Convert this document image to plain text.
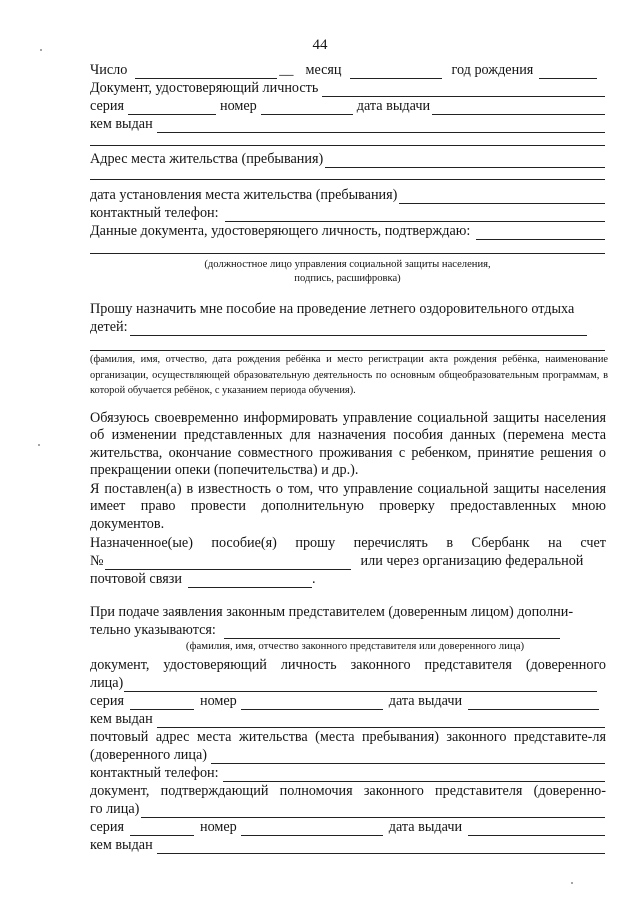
44
Число	__ месяц	год рождения
Документ, удостоверяющий личность
серия	номер	дата выдачи
кем выдан
Адрес места жительства (пребывания)
дата установления места жительства (пребывания)
контактный телефон:
Данные документа, удостоверяющего личность, подтверждаю:
(должностное лицо управления социальной защиты населения,
подпись, расшифровка)
Прошу назначить мне пособие на проведение летнего оздоровительного отдыха
детей:
(фамилия, имя, отчество, дата рождения ребёнка и место регистрации акта рождения ребёнка, наименование организации, осуществляющей образовательную деятельность по основным общеобразовательным программам, в которой обучается ребёнок, с указанием периода обучения).
Обязуюсь своевременно информировать управление социальной защиты населения об изменении представленных для назначения пособия данных (перемена места жительства, окончание совместного проживания с ребенком, принятие решения о прекращении опеки (попечительства) и др.).
Я поставлен(а) в известность о том, что управление социальной защиты населения имеет право провести дополнительную проверку предоставленных мною документов.
Назначенное(ые) пособие(я) прошу перечислять в Сбербанк на счет
№	или через организацию федеральной
почтовой связи	.
При подаче заявления законным представителем (доверенным лицом) дополни-
тельно указываются:
(фамилия, имя, отчество законного представителя или доверенного лица)
документ, удостоверяющий личность законного представителя (доверенного
лица)
серия	номер	дата выдачи
кем выдан
почтовый адрес места жительства (места пребывания) законного представите-ля
(доверенного лица)
контактный телефон:
документ, подтверждающий полномочия законного представителя (доверенно-
го лица)
серия	номер	дата выдачи
кем выдан
